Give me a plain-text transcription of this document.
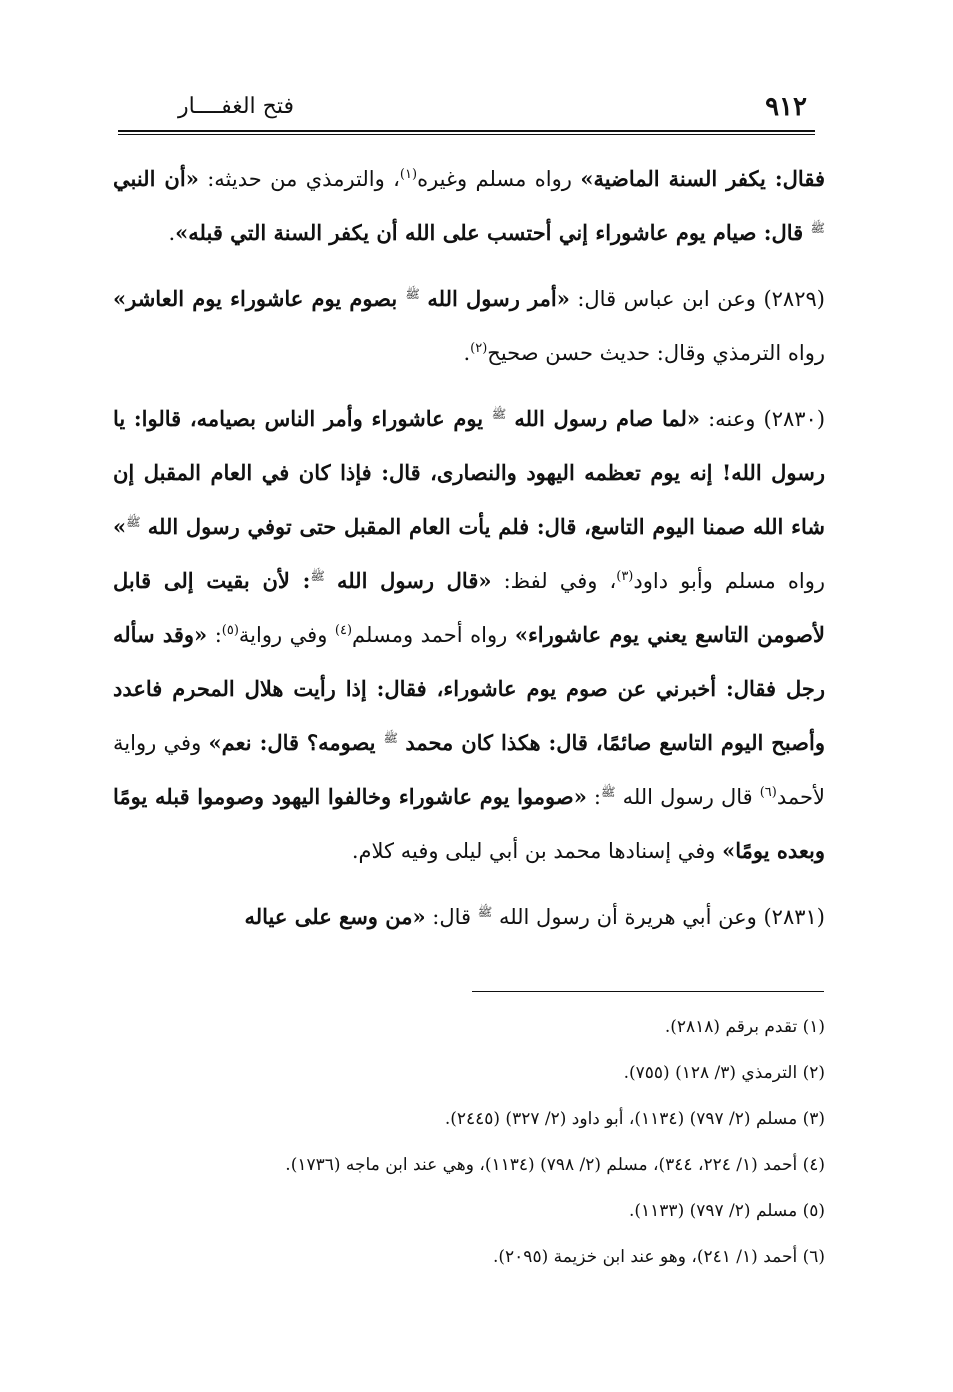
٩١٢
فتح الغفــــار

فقال: يكفر السنة الماضية» رواه مسلم وغيره$^{(١)}$، والترمذي من حديثه: «أن النبي $^ﷺ$ قال: صيام يوم عاشوراء إني أحتسب على الله أن يكفر السنة التي قبله».

(٢٨٢٩) وعن ابن عباس قال: «أمر رسول الله $^ﷺ$ بصوم يوم عاشوراء يوم العاشر» رواه الترمذي وقال: حديث حسن صحيح$^{(٢)}$.

(٢٨٣٠) وعنه: «لما صام رسول الله $^ﷺ$ يوم عاشوراء وأمر الناس بصيامه، قالوا: يا رسول الله! إنه يوم تعظمه اليهود والنصارى، قال: فإذا كان في العام المقبل إن شاء الله صمنا اليوم التاسع، قال: فلم يأت العام المقبل حتى توفي رسول الله $^ﷺ$» رواه مسلم وأبو داود$^{(٣)}$، وفي لفظ: «قال رسول الله $^ﷺ$: لأن بقيت إلى قابل لأصومن التاسع يعني يوم عاشوراء» رواه أحمد ومسلم$^{(٤)}$ وفي رواية$^{(٥)}$: «وقد سأله رجل فقال: أخبرني عن صوم يوم عاشوراء، فقال: إذا رأيت هلال المحرم فاعدد وأصبح اليوم التاسع صائمًا، قال: هكذا كان محمد $^ﷺ$ يصومه؟ قال: نعم» وفي رواية لأحمد$^{(٦)}$ قال رسول الله $^ﷺ$: «صوموا يوم عاشوراء وخالفوا اليهود وصوموا قبله يومًا وبعده يومًا» وفي إسنادها محمد بن أبي ليلى وفيه كلام.

(٢٨٣١) وعن أبي هريرة أن رسول الله $^ﷺ$ قال: «من وسع على عياله

(١) تقدم برقم (٢٨١٨).

(٢) الترمذي (٣/ ١٢٨) (٧٥٥).

(٣) مسلم (٢/ ٧٩٧) (١١٣٤)، أبو داود (٢/ ٣٢٧) (٢٤٤٥).

(٤) أحمد (١/ ٢٢٤، ٣٤٤)، مسلم (٢/ ٧٩٨) (١١٣٤)، وهي عند ابن ماجه (١٧٣٦).

(٥) مسلم (٢/ ٧٩٧) (١١٣٣).

(٦) أحمد (١/ ٢٤١)، وهو عند ابن خزيمة (٢٠٩٥).
